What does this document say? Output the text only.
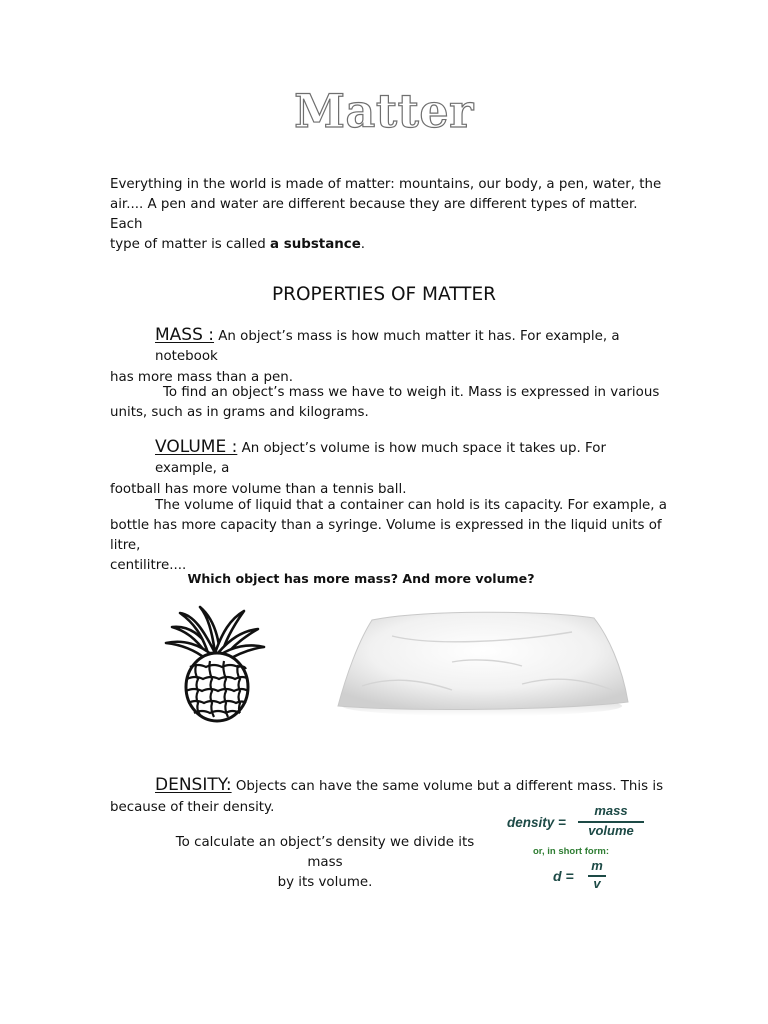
Matter
Everything in the world is made of matter: mountains, our body, a pen, water, the
air.... A pen and water are different because they are different types of matter. Each
type of matter is called a substance.
PROPERTIES OF MATTER
MASS : An object’s mass is how much matter it has. For example, a notebook
has more mass than a pen.
To find an object’s mass we have to weigh it. Mass is expressed in various
units, such as in grams and kilograms.
VOLUME : An object’s volume is how much space it takes up. For example, a
football has more volume than a tennis ball.
The volume of liquid that a container can hold is its capacity. For example, a
bottle has more capacity than a syringe. Volume is expressed in the liquid units of litre,
centilitre....
Which object has more mass? And more volume?
DENSITY: Objects can have the same volume but a different mass. This is
because of their density.
To calculate an object’s density we divide its mass
by its volume.
density =
mass
volume
or, in short form:
d =
m
v
